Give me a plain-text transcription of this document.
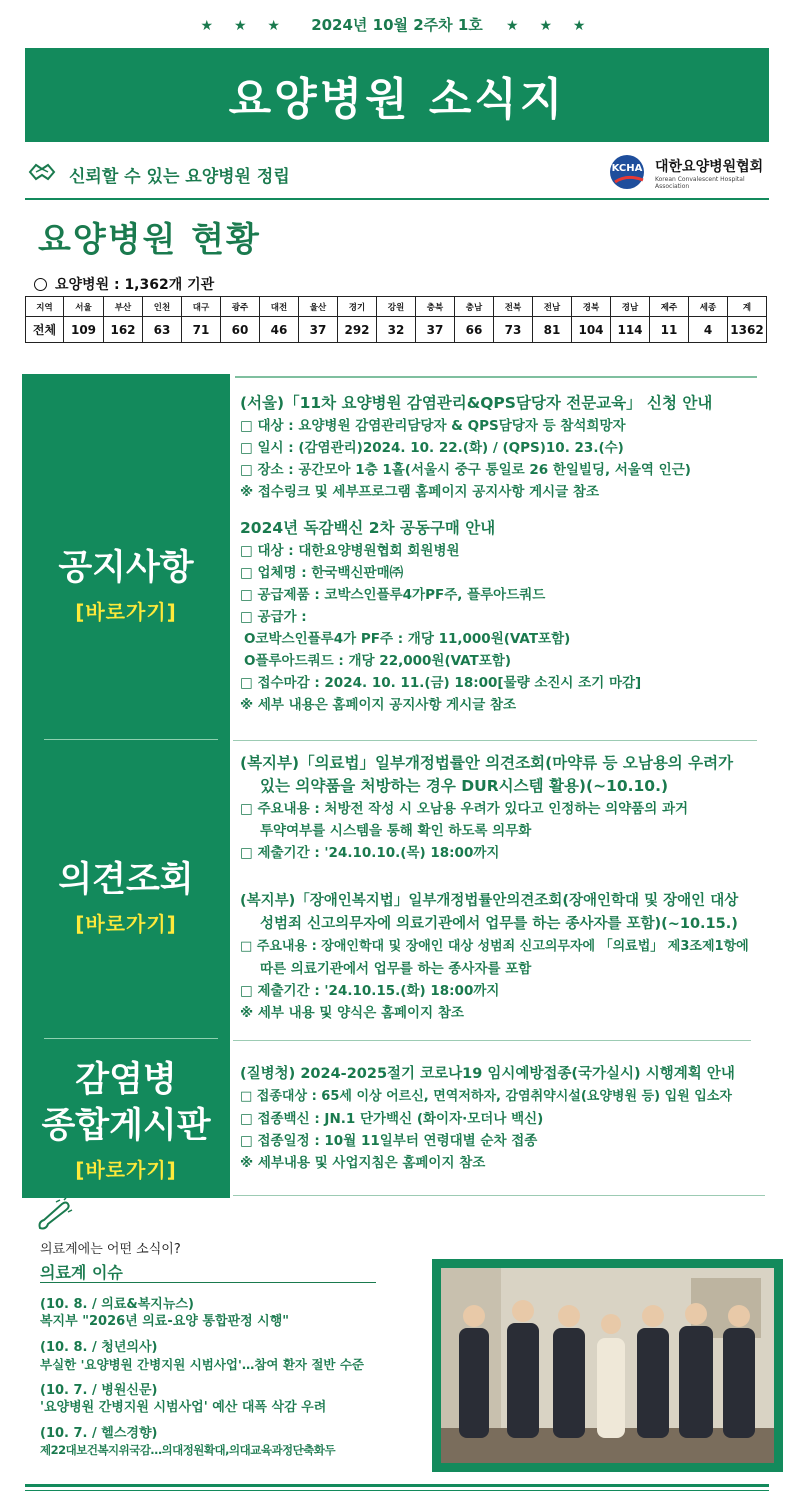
★ ★ ★ 2024년 10월 2주차 1호 ★ ★ ★
요양병원 소식지
신뢰할 수 있는 요양병원 정립	KCHA 대한요양병원협회
Korean Convalescent Hospital Association
요양병원 현황
요양병원 : 1,362개 기관
지역	서울	부산	인천	대구	광주	대전	울산	경기	강원	충북	충남	전북	전남	경북	경남	제주	세종	계
전체	109	162	63	71	60	46	37	292	32	37	66	73	81	104	114	11	4	1362
공지사항
[바로가기]
의견조회
[바로가기]
감염병
종합게시판
[바로가기]
(서울)「11차 요양병원 감염관리&QPS담당자 전문교육」 신청 안내
□ 대상 : 요양병원 감염관리담당자 & QPS담당자 등 참석희망자
□ 일시 : (감염관리)2024. 10. 22.(화) / (QPS)10. 23.(수)
□ 장소 : 공간모아 1층 1홀(서울시 중구 통일로 26 한일빌딩, 서울역 인근)
※ 접수링크 및 세부프로그램 홈페이지 공지사항 게시글 참조
2024년 독감백신 2차 공동구매 안내
□ 대상 : 대한요양병원협회 회원병원
□ 업체명 : 한국백신판매㈜
□ 공급제품 : 코박스인플루4가PF주, 플루아드쿼드
□ 공급가 :
Ο코박스인플루4가 PF주 : 개당 11,000원(VAT포함)
Ο플루아드쿼드 : 개당 22,000원(VAT포함)
□ 접수마감 : 2024. 10. 11.(금) 18:00[물량 소진시 조기 마감]
※ 세부 내용은 홈페이지 공지사항 게시글 참조
(복지부)「의료법」일부개정법률안 의견조회(마약류 등 오남용의 우려가
있는 의약품을 처방하는 경우 DUR시스템 활용)(~10.10.)
□ 주요내용 : 처방전 작성 시 오남용 우려가 있다고 인정하는 의약품의 과거
투약여부를 시스템을 통해 확인 하도록 의무화
□ 제출기간 : '24.10.10.(목) 18:00까지
(복지부)「장애인복지법」일부개정법률안의견조회(장애인학대 및 장애인 대상
성범죄 신고의무자에 의료기관에서 업무를 하는 종사자를 포함)(~10.15.)
□ 주요내용 : 장애인학대 및 장애인 대상 성범죄 신고의무자에 「의료법」 제3조제1항에
따른 의료기관에서 업무를 하는 종사자를 포함
□ 제출기간 : '24.10.15.(화) 18:00까지
※ 세부 내용 및 양식은 홈페이지 참조
(질병청) 2024-2025절기 코로나19 임시예방접종(국가실시) 시행계획 안내
□ 접종대상 : 65세 이상 어르신, 면역저하자, 감염취약시설(요양병원 등) 입원 입소자
□ 접종백신 : JN.1 단가백신 (화이자·모더나 백신)
□ 접종일정 : 10월 11일부터 연령대별 순차 접종
※ 세부내용 및 사업지침은 홈페이지 참조
의료계에는 어떤 소식이?
의료계 이슈
(10. 8. / 의료&복지뉴스)
복지부 "2026년 의료-요양 통합판정 시행"
(10. 8. / 청년의사)
부실한 '요양병원 간병지원 시범사업'…참여 환자 절반 수준
(10. 7. / 병원신문)
'요양병원 간병지원 시범사업' 예산 대폭 삭감 우려
(10. 7. / 헬스경향)
제22대보건복지위국감…의대정원확대,의대교육과정단축화두
